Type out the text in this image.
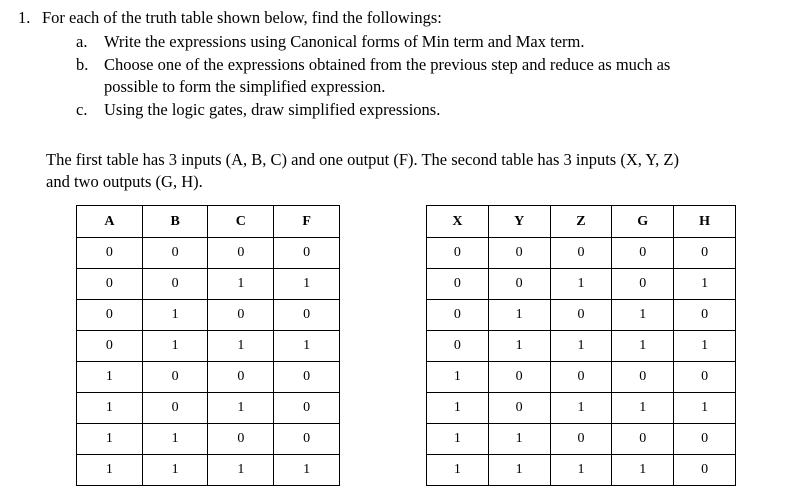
1. For each of the truth table shown below, find the followings:
a. Write the expressions using Canonical forms of Min term and Max term.
b. Choose one of the expressions obtained from the previous step and reduce as much as
possible to form the simplified expression.
c. Using the logic gates, draw simplified expressions.
The first table has 3 inputs (A, B, C) and one output (F). The second table has 3 inputs (X, Y, Z)
and two outputs (G, H).
A	B	C	F
0	0	0	0
0	0	1	1
0	1	0	0
0	1	1	1
1	0	0	0
1	0	1	0
1	1	0	0
1	1	1	1
X	Y	Z	G	H
0	0	0	0	0
0	0	1	0	1
0	1	0	1	0
0	1	1	1	1
1	0	0	0	0
1	0	1	1	1
1	1	0	0	0
1	1	1	1	0
